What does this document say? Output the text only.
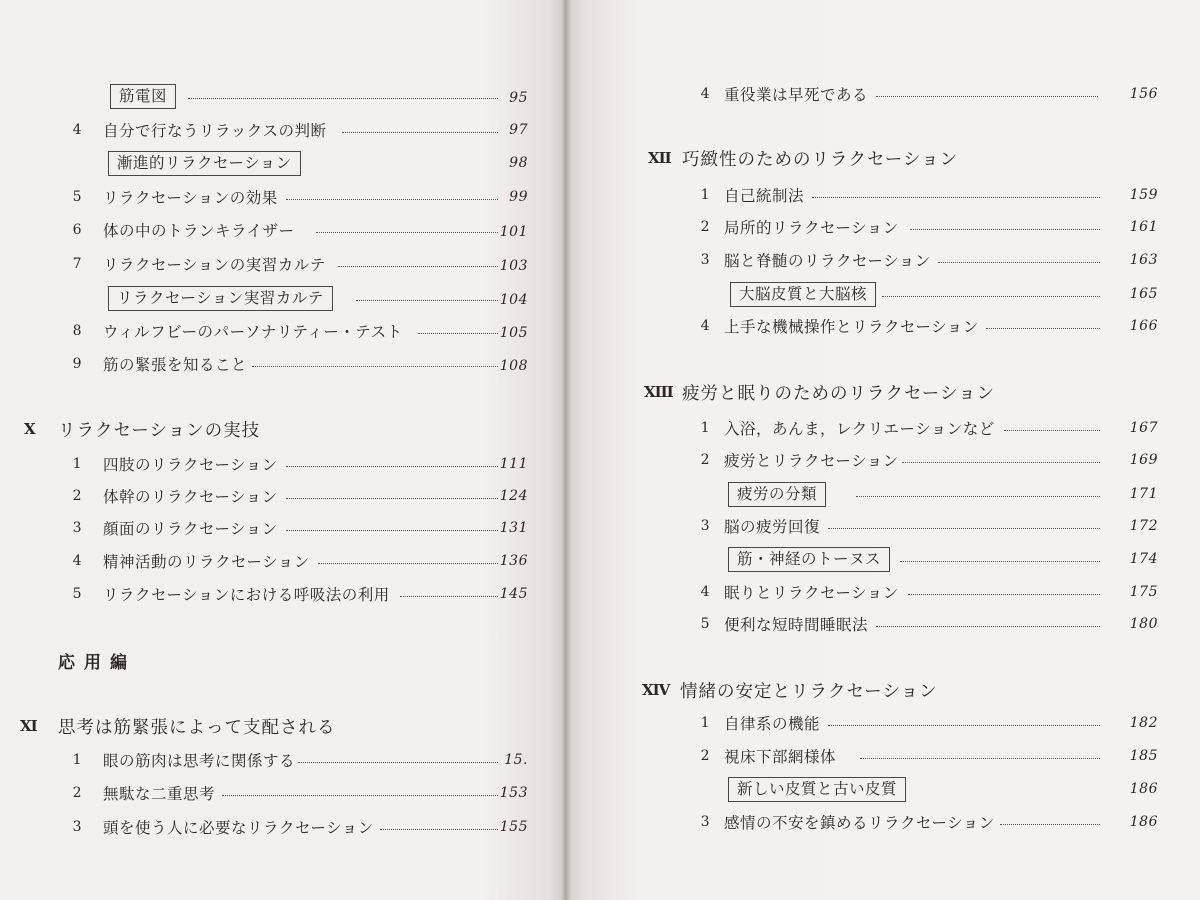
筋電図	95
4 自分で行なうリラックスの判断	97
漸進的リラクセーション	98
5 リラクセーションの効果	99
6 体の中のトランキライザー	101
7 リラクセーションの実習カルテ	103
リラクセーション実習カルテ	104
8 ウィルフビーのパーソナリティー・テスト	105
9 筋の緊張を知ること	108
X リラクセーションの実技
1 四肢のリラクセーション	111
2 体幹のリラクセーション	124
3 顔面のリラクセーション	131
4 精神活動のリラクセーション	136
5 リラクセーションにおける呼吸法の利用	145
応用編
XI 思考は筋緊張によって支配される
1 眼の筋肉は思考に関係する	15.
2 無駄な二重思考	153
3 頭を使う人に必要なリラクセーション	155
4 重役業は早死である	156
XII 巧緻性のためのリラクセーション
1 自己統制法	159
2 局所的リラクセーション	161
3 脳と脊髄のリラクセーション	163
大脳皮質と大脳核	165
4 上手な機械操作とリラクセーション	166
XIII 疲労と眠りのためのリラクセーション
1 入浴，あんま，レクリエーションなど	167
2 疲労とリラクセーション	169
疲労の分類	171
3 脳の疲労回復	172
筋・神経のトーヌス	174
4 眠りとリラクセーション	175
5 便利な短時間睡眠法	180
XIV 情緒の安定とリラクセーション
1 自律系の機能	182
2 視床下部網様体	185
新しい皮質と古い皮質	186
3 感情の不安を鎮めるリラクセーション	186
